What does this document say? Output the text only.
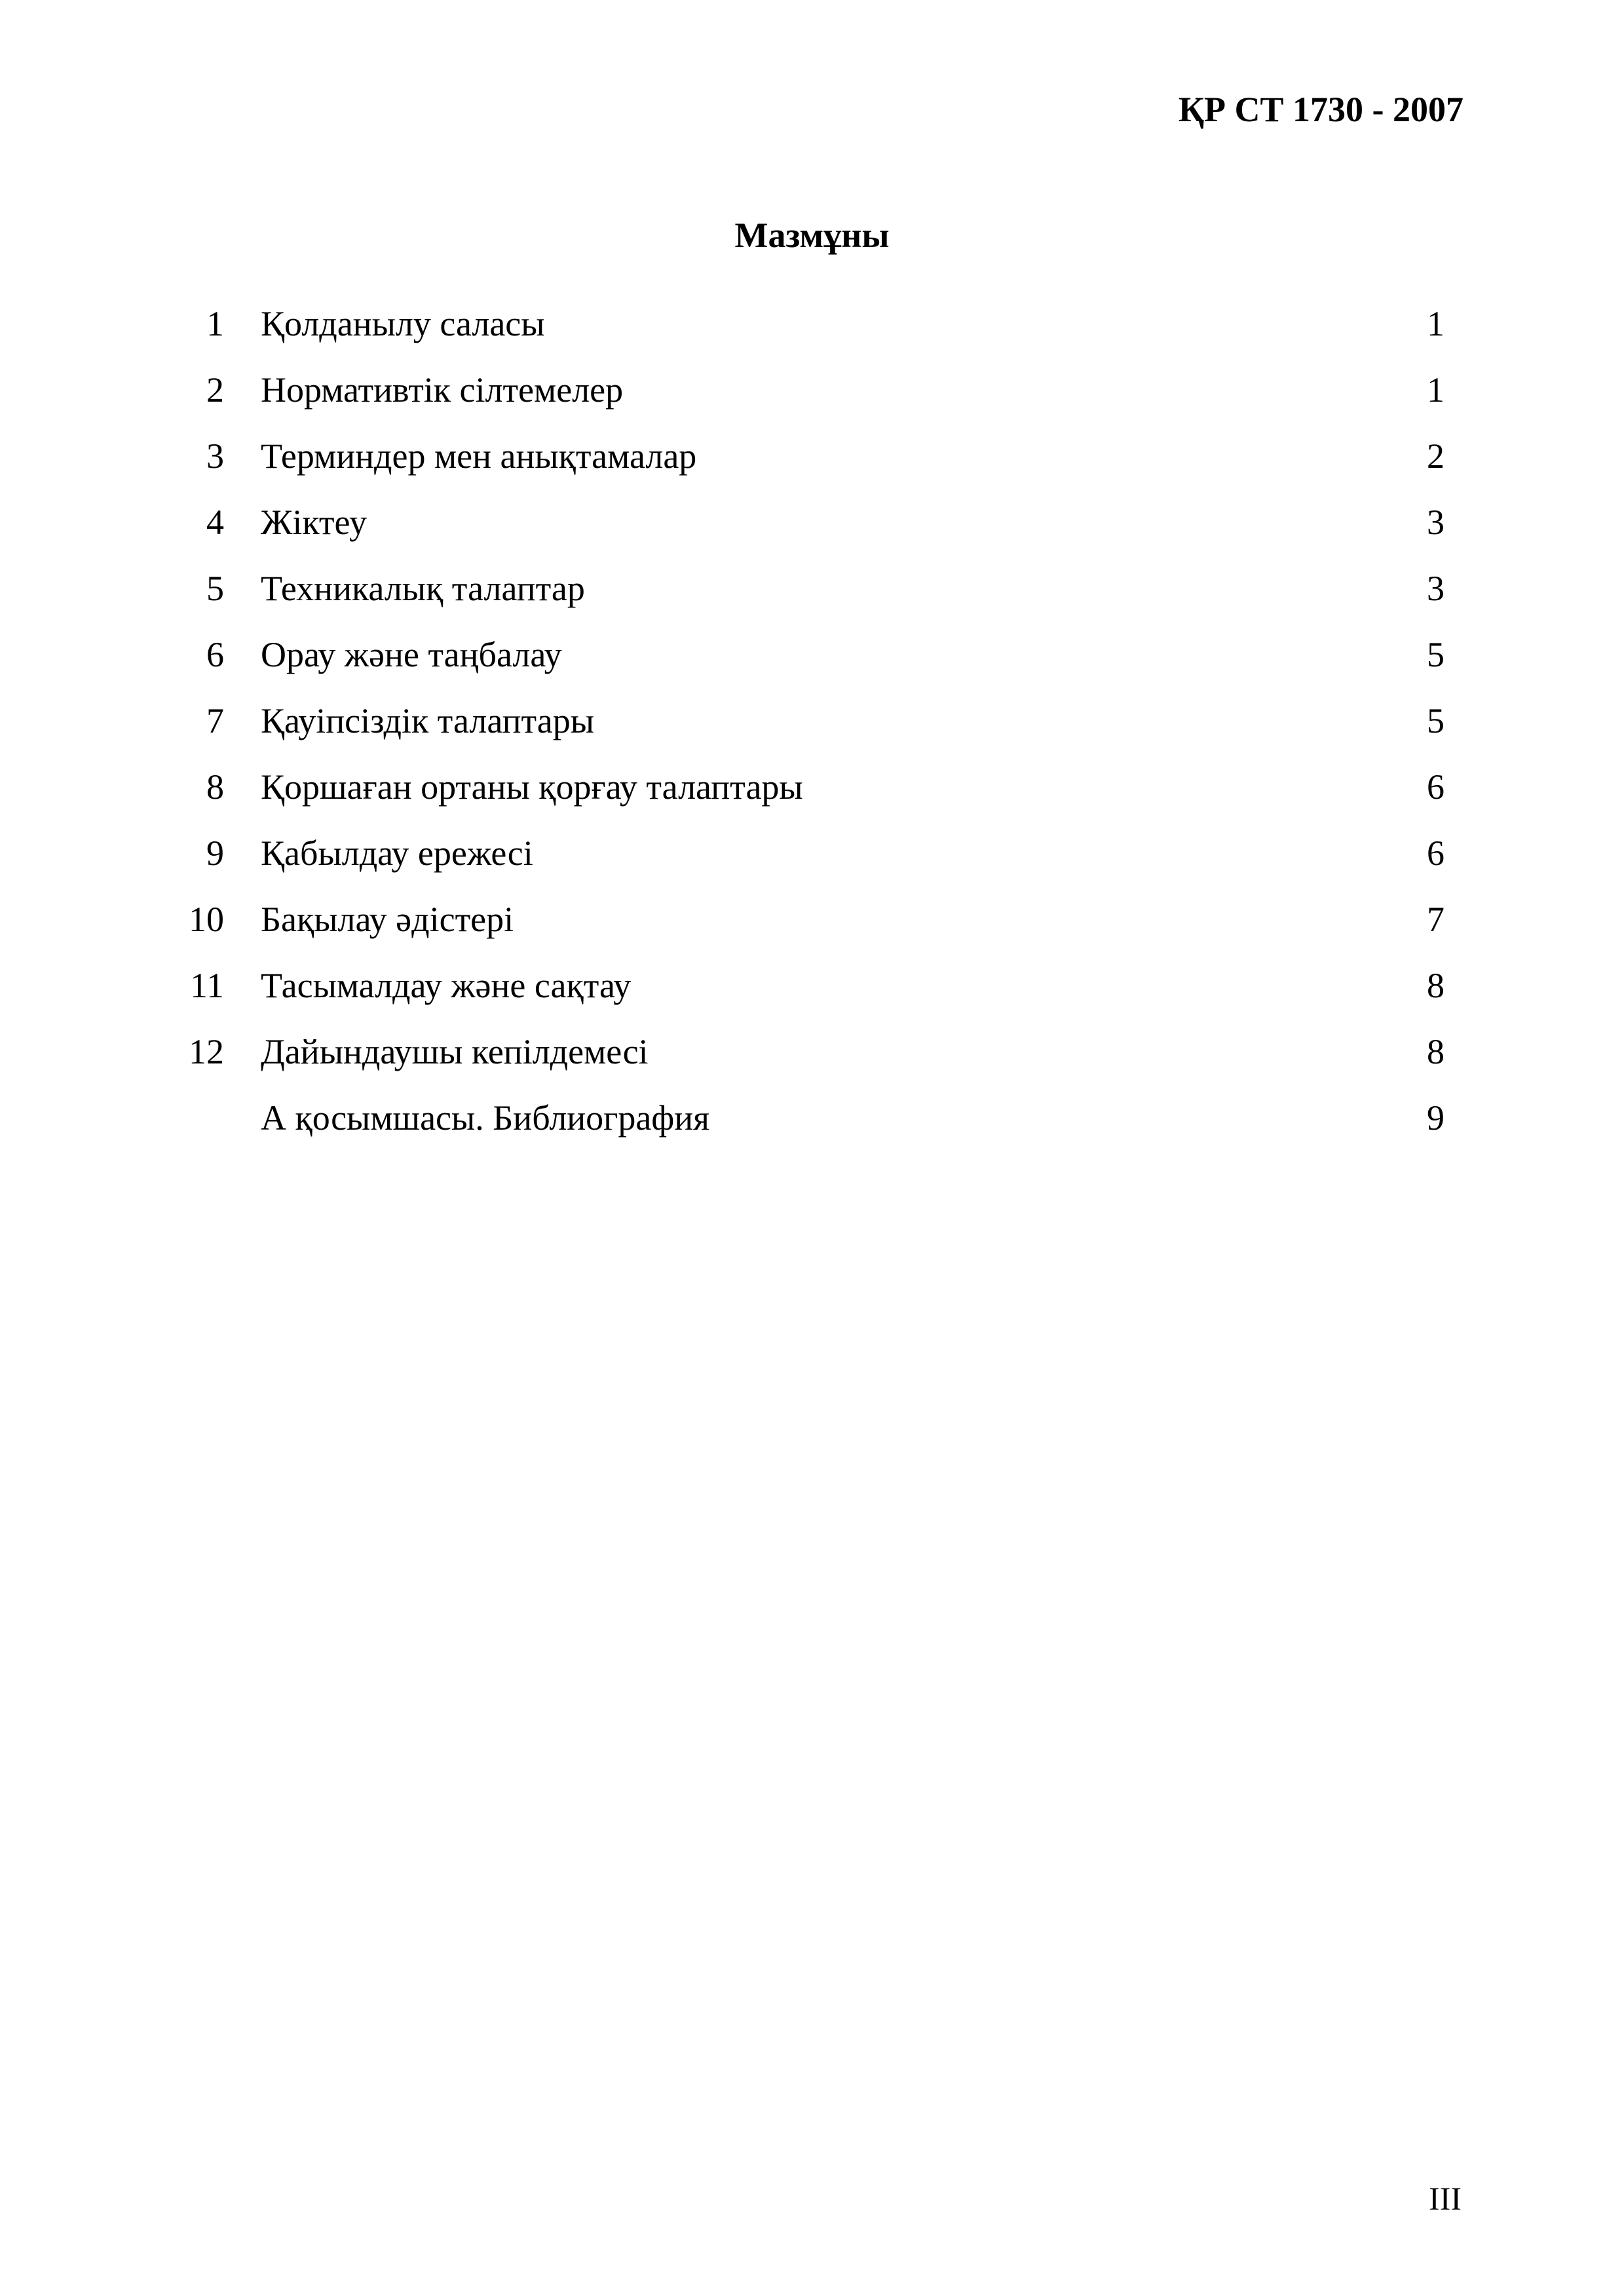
ҚР СТ 1730 - 2007
Мазмұны
1 Қолданылу саласы	1
2 Нормативтік сілтемелер	1
3 Терминдер мен анықтамалар	2
4 Жіктеу	3
5 Техникалық талаптар	3
6 Орау және таңбалау	5
7 Қауіпсіздік талаптары	5
8 Қоршаған ортаны қорғау талаптары	6
9 Қабылдау ережесі	6
10 Бақылау әдістері	7
11 Тасымалдау және сақтау	8
12 Дайындаушы кепілдемесі	8
А қосымшасы. Библиография	9
III
